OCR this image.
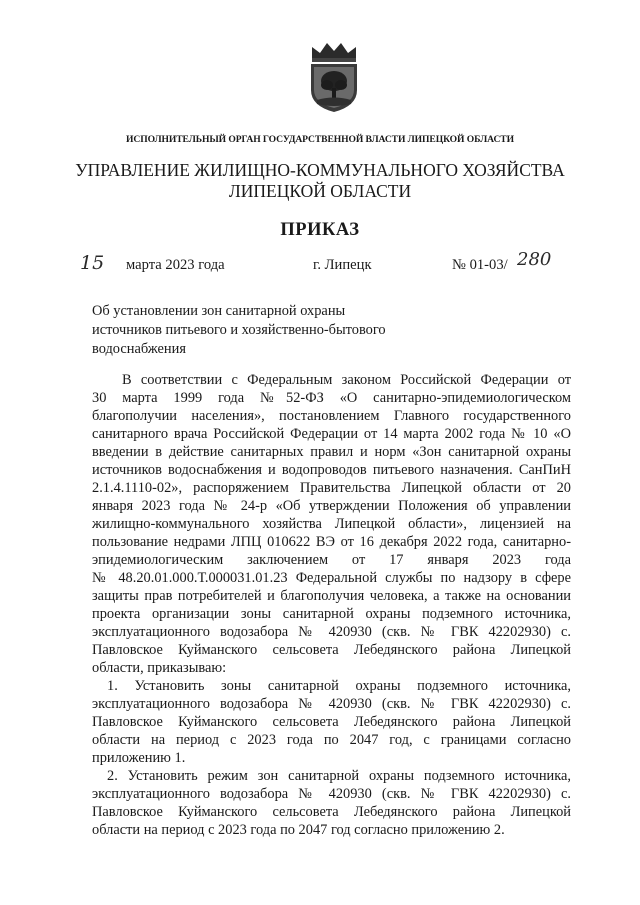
ИСПОЛНИТЕЛЬНЫЙ ОРГАН ГОСУДАРСТВЕННОЙ ВЛАСТИ ЛИПЕЦКОЙ ОБЛАСТИ
УПРАВЛЕНИЕ ЖИЛИЩНО-КОММУНАЛЬНОГО ХОЗЯЙСТВА
ЛИПЕЦКОЙ ОБЛАСТИ
ПРИКАЗ
15 марта 2023 года	г. Липецк	№ 01-03/ 280
Об установлении зон санитарной охраны
источников питьевого и хозяйственно-бытового
водоснабжения
В соответствии с Федеральным законом Российской Федерации от
30 марта 1999 года №52-ФЗ «О санитарно-эпидемиологическом
благополучии населения», постановлением Главного государственного
санитарного врача Российской Федерации от 14 марта 2002 года № 10 «О
введении в действие санитарных правил и норм «Зон санитарной охраны
источников водоснабжения и водопроводов питьевого назначения. СанПиН
2.1.4.1110-02», распоряжением Правительства Липецкой области от 20
января 2023 года № 24-р «Об утверждении Положения об управлении
жилищно-коммунального хозяйства Липецкой области», лицензией на
пользование недрами ЛПЦ 010622 ВЭ от 16 декабря 2022 года, санитарно-
эпидемиологическим заключением от 17 января 2023 года
№ 48.20.01.000.Т.000031.01.23 Федеральной службы по надзору в сфере
защиты прав потребителей и благополучия человека, а также на основании
проекта организации зоны санитарной охраны подземного источника,
эксплуатационного водозабора № 420930 (скв. № ГВК 42202930) с.
Павловское Куйманского сельсовета Лебедянского района Липецкой
области, приказываю:
1. Установить зоны санитарной охраны подземного источника,
эксплуатационного водозабора № 420930 (скв. № ГВК 42202930) с.
Павловское Куйманского сельсовета Лебедянского района Липецкой
области на период с 2023 года по 2047 год, с границами согласно
приложению 1.
2. Установить режим зон санитарной охраны подземного источника,
эксплуатационного водозабора № 420930 (скв. № ГВК 42202930) с.
Павловское Куйманского сельсовета Лебедянского района Липецкой
области на период с 2023 года по 2047 год согласно приложению 2.
